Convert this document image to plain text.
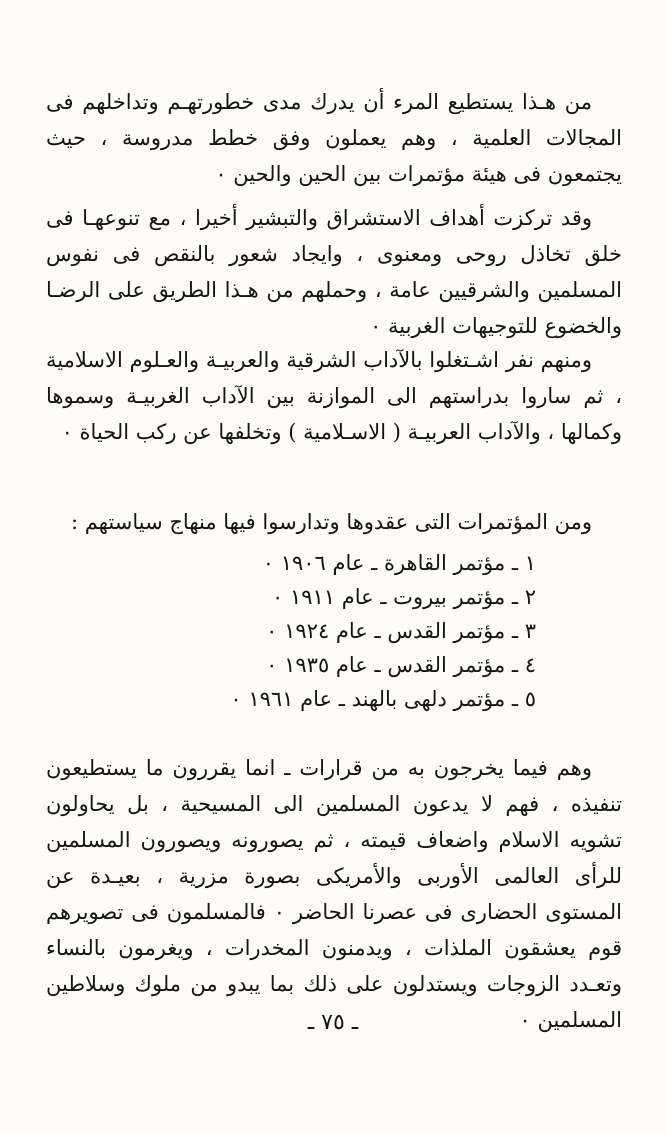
من هـذا يستطيع المرء أن يدرك مدى خطورتهـم وتداخلهم فى المجالات العلمية ، وهم يعملون وفق خطط مدروسة ، حيث يجتمعون فى هيئة مؤتمرات بين الحين والحين ٠

وقد تركزت أهداف الاستشراق والتبشير أخيرا ، مع تنوعهـا فى خلق تخاذل روحى ومعنوى ، وايجاد شعور بالنقص فى نفوس المسلمين والشرقيين عامة ، وحملهم من هـذا الطريق على الرضـا والخضوع للتوجيهات الغربية ٠

ومنهم نفر اشـتغلوا بالآداب الشرقية والعربيـة والعـلوم الاسلامية ، ثم ساروا بدراستهم الى الموازنة بين الآداب الغربيـة وسموها وكمالها ، والآداب العربيـة ( الاسـلامية ) وتخلفها عن ركب الحياة ٠

ومن المؤتمرات التى عقدوها وتدارسوا فيها منهاج سياستهم :

١ ـ مؤتمر القاهرة ـ عام ١٩٠٦ ٠
٢ ـ مؤتمر بيروت ـ عام ١٩١١ ٠
٣ ـ مؤتمر القدس ـ عام ١٩٢٤ ٠
٤ ـ مؤتمر القدس ـ عام ١٩٣٥ ٠
٥ ـ مؤتمر دلهى بالهند ـ عام ١٩٦١ ٠

وهم فيما يخرجون به من قرارات ـ انما يقررون ما يستطيعون تنفيذه ، فهم لا يدعون المسلمين الى المسيحية ، بل يحاولون تشويه الاسلام واضعاف قيمته ، ثم يصورونه ويصورون المسلمين للرأى العالمى الأوربى والأمريكى بصورة مزرية ، بعيـدة عن المستوى الحضارى فى عصرنا الحاضر ٠ فالمسلمون فى تصويرهم قوم يعشقون الملذات ، ويدمنون المخدرات ، ويغرمون بالنساء وتعـدد الزوجات ويستدلون على ذلك بما يبدو من ملوك وسلاطين المسلمين ٠

ـ ٧٥ ـ
